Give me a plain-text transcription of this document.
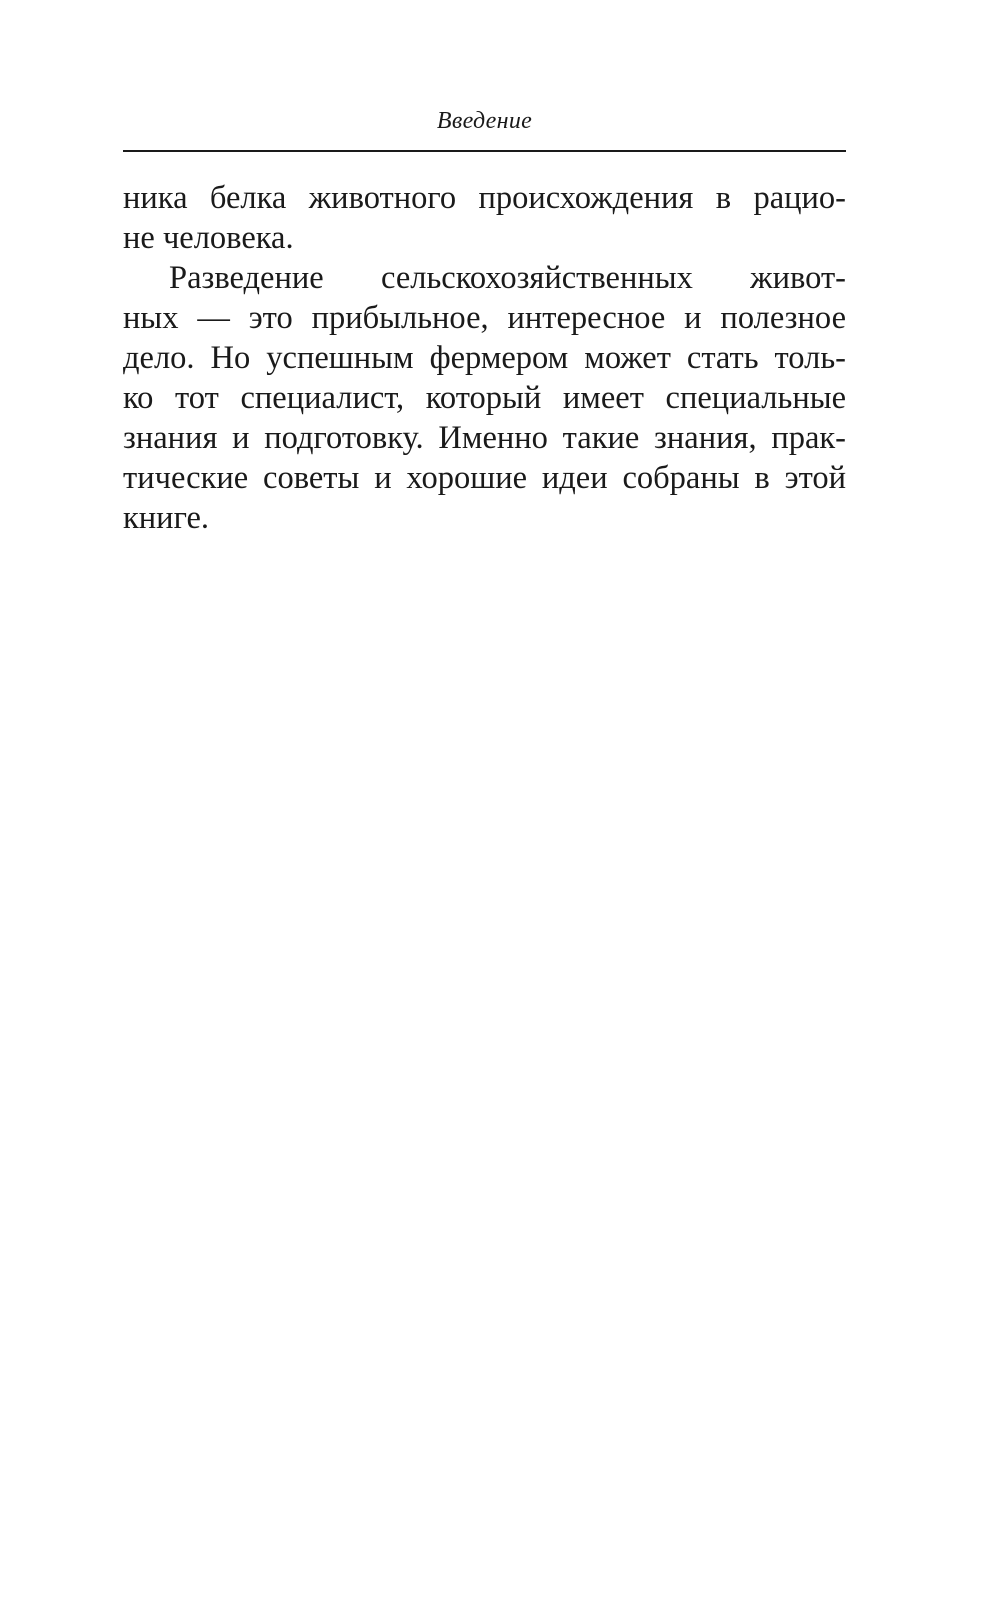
Введение
ника белка животного происхождения в рацио-
не человека.
Разведение сельскохозяйственных живот-
ных — это прибыльное, интересное и полезное
дело. Но успешным фермером может стать толь-
ко тот специалист, который имеет специальные
знания и подготовку. Именно такие знания, прак-
тические советы и хорошие идеи собраны в этой
книге.
